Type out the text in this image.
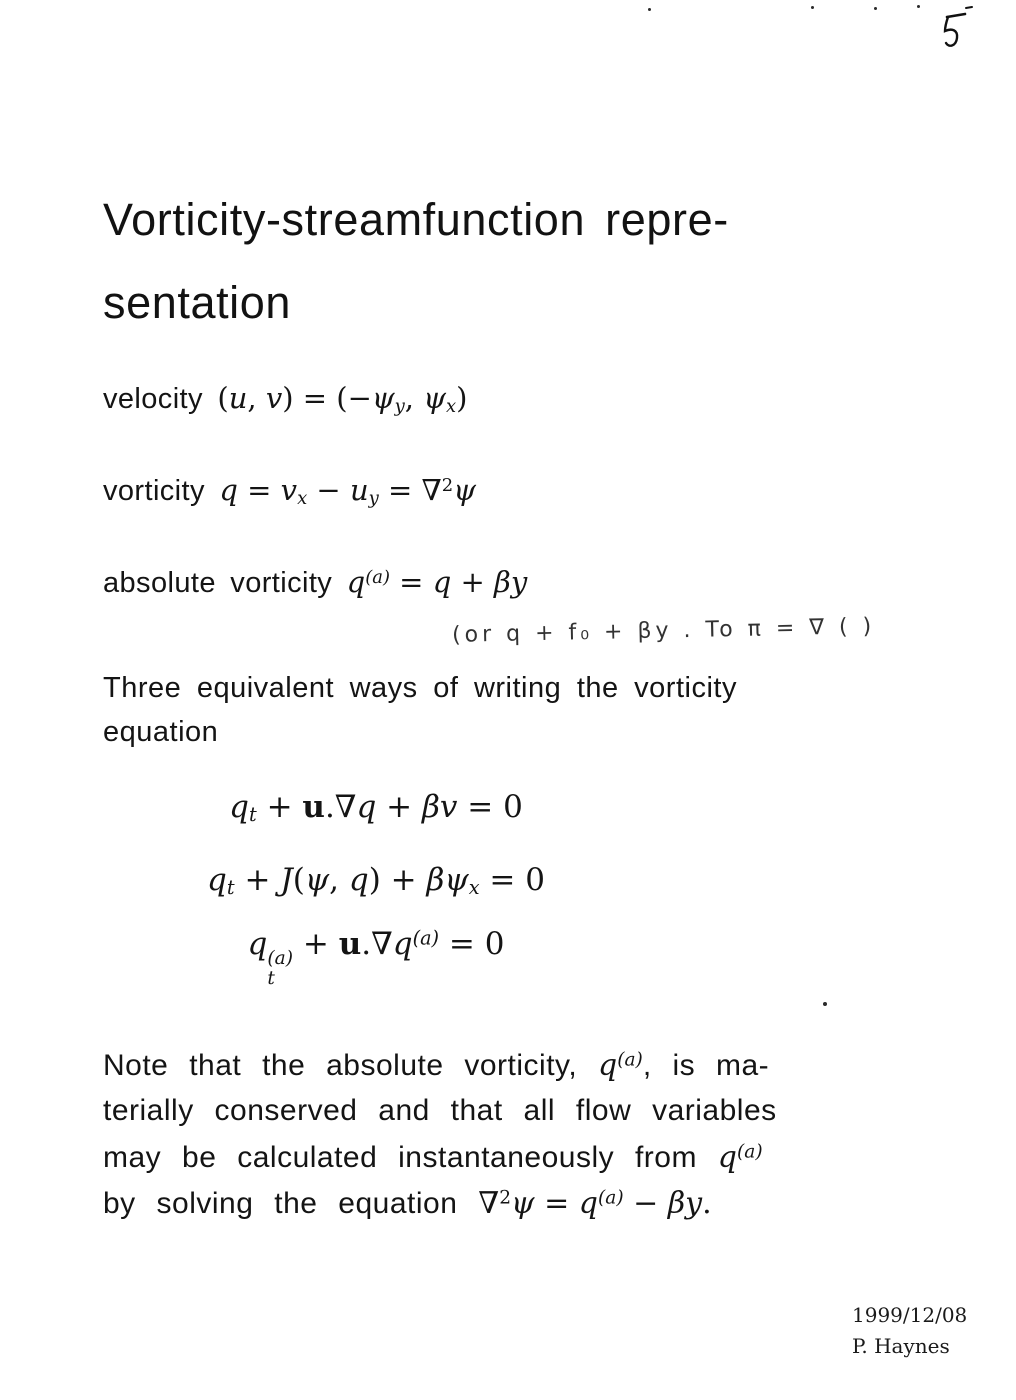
Vorticity-streamfunction repre-
sentation
velocity (u, v) = (−ψy, ψx)
vorticity q = vx − uy = ∇$^2$ψ
absolute vorticity $q^{(a)} = q + \beta y$
(or q + f₀ + βy . To π = ∇ ( )
Three equivalent ways of writing the vorticity
equation
qt + u.∇q + βv = 0
qt + J(ψ, q) + βψx = 0
q (a)
t
+ $u.\nabla q^{(a)} = 0$
Note that the absolute vorticity, $q^{(a)}$, is ma-
terially conserved and that all flow variables
may be calculated instantaneously from $q^{(a)}$
by solving the equation $\nabla^2\psi = q^{(a)} - \beta y$.
1999/12/08
P. Haynes
